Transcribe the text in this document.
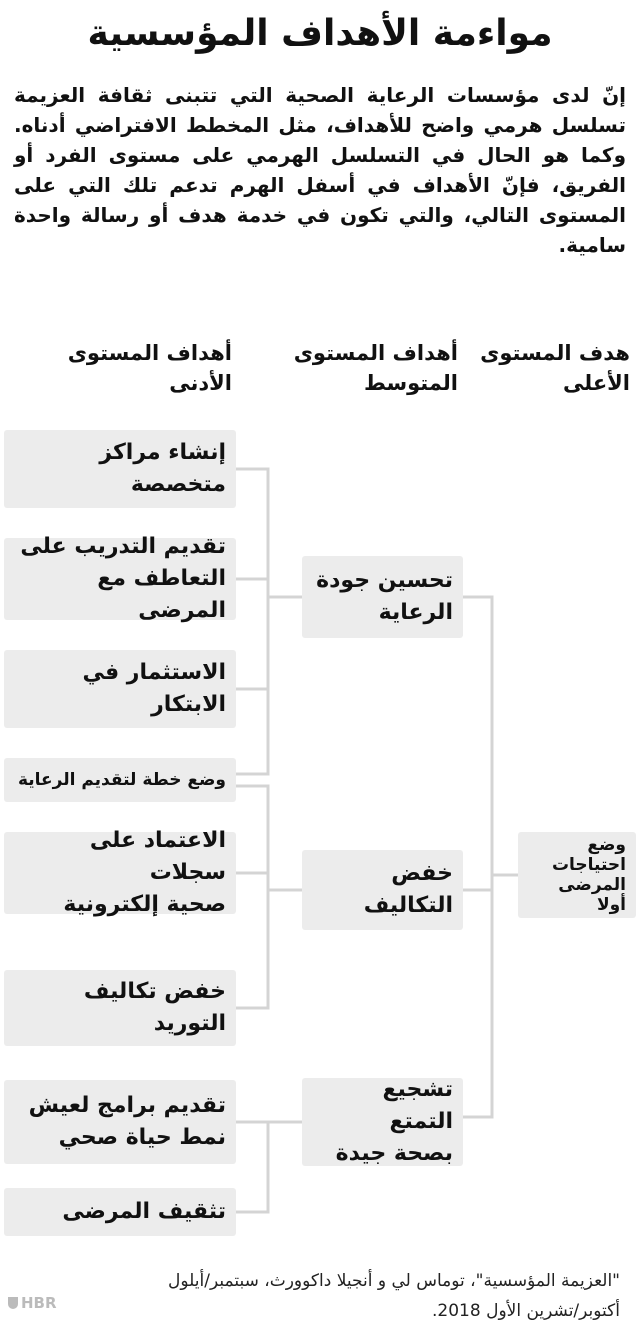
مواءمة الأهداف المؤسسية

إنّ لدى مؤسسات الرعاية الصحية التي تتبنى ثقافة العزيمة تسلسل هرمي واضح للأهداف، مثل المخطط الافتراضي أدناه. وكما هو الحال في التسلسل الهرمي على مستوى الفرد أو الفريق، فإنّ الأهداف في أسفل الهرم تدعم تلك التي على المستوى التالي، والتي تكون في خدمة هدف أو رسالة واحدة سامية.

هدف المستوى
الأعلى
أهداف المستوى
المتوسط
أهداف المستوى
الأدنى
وضع احتياجات
المرضى أولا
تحسين جودة
الرعاية
خفض التكاليف
تشجيع التمتع
بصحة جيدة
إنشاء مراكز متخصصة
تقديم التدريب على
التعاطف مع المرضى
الاستثمار في الابتكار
وضع خطة لتقديم الرعاية
الاعتماد على سجلات
صحية إلكترونية
خفض تكاليف التوريد
تقديم برامج لعيش
نمط حياة صحي
تثقيف المرضى
"العزيمة المؤسسية"، توماس لي و أنجيلا داكوورث، سبتمبر/أيلول
أكتوبر/تشرين الأول 2018.
HBR
